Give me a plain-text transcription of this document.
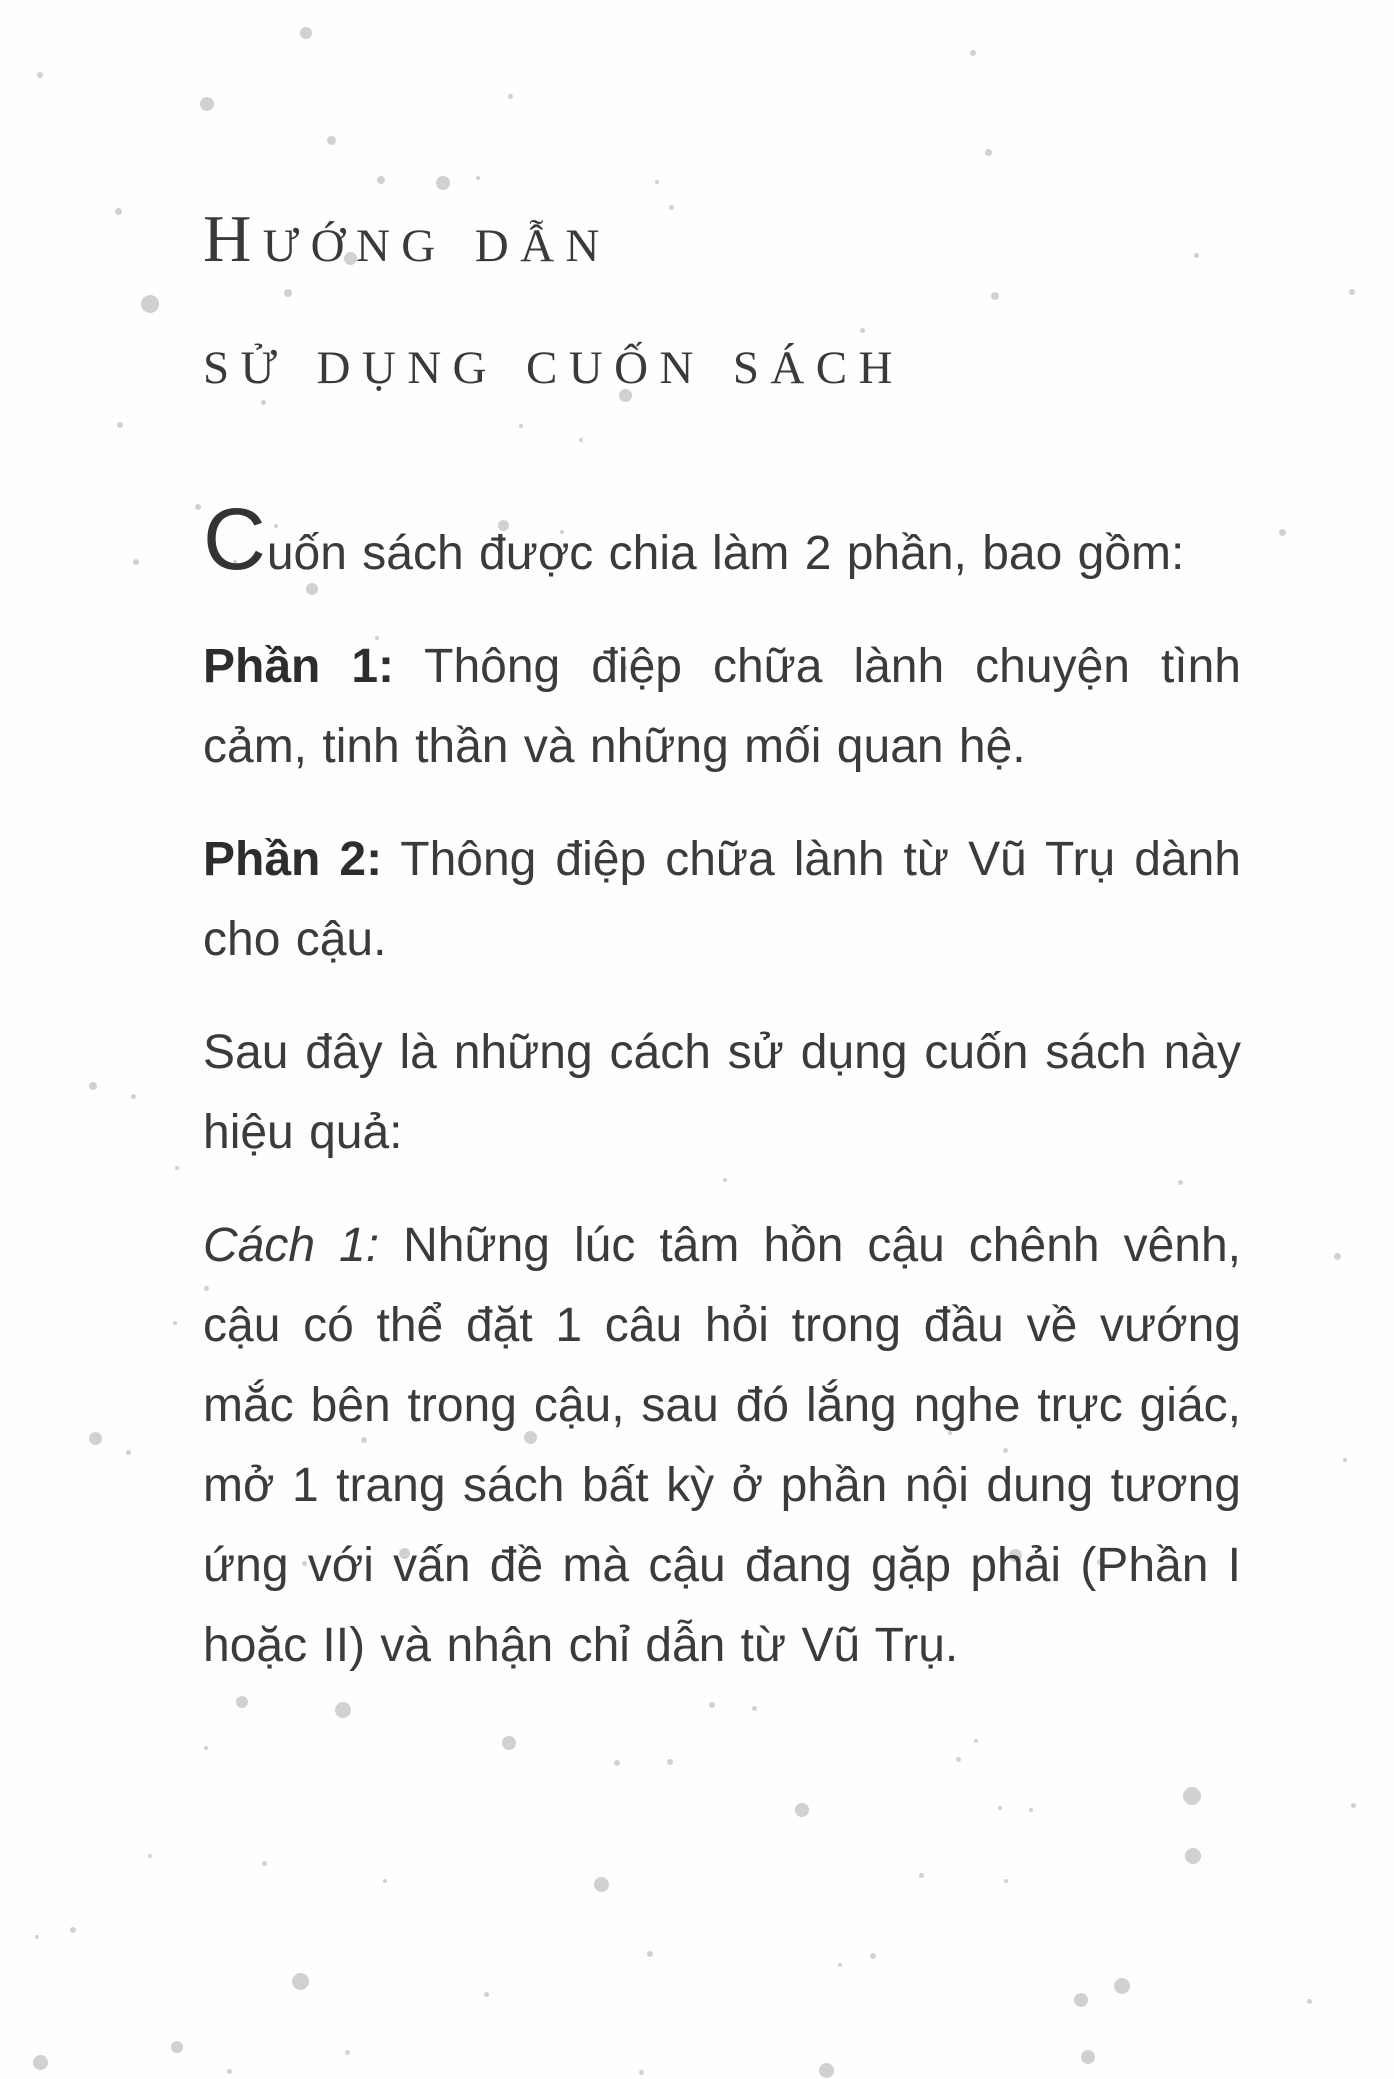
Hướng dẫn
sử dụng cuốn sách

Cuốn sách được chia làm 2 phần, bao gồm:

Phần 1: Thông điệp chữa lành chuyện tình cảm, tinh thần và những mối quan hệ.

Phần 2: Thông điệp chữa lành từ Vũ Trụ dành cho cậu.

Sau đây là những cách sử dụng cuốn sách này hiệu quả:

Cách 1: Những lúc tâm hồn cậu chênh vênh, cậu có thể đặt 1 câu hỏi trong đầu về vướng mắc bên trong cậu, sau đó lắng nghe trực giác, mở 1 trang sách bất kỳ ở phần nội dung tương ứng với vấn đề mà cậu đang gặp phải (Phần I hoặc II) và nhận chỉ dẫn từ Vũ Trụ.
